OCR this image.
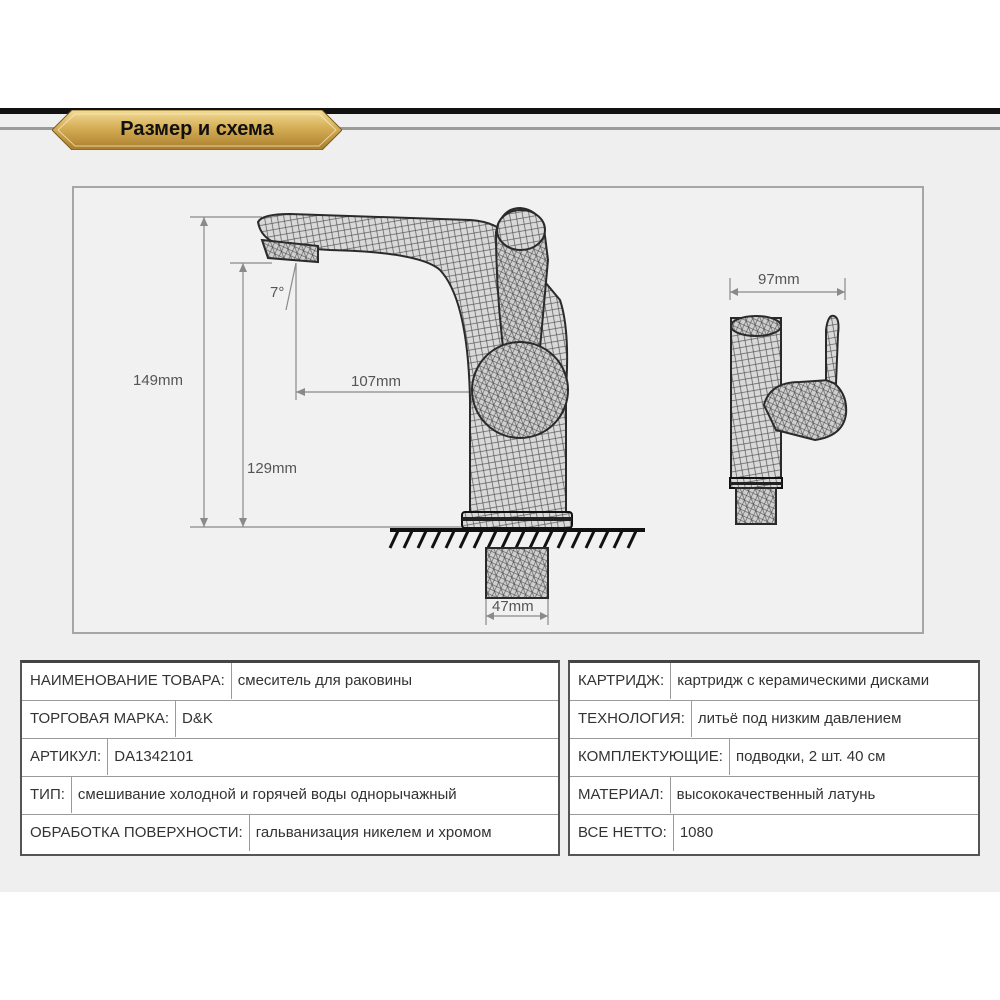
Размер и схема
149mm
129mm
107mm
7°
47mm
97mm
НАИМЕНОВАНИЕ ТОВАРА: смеситель для раковины
ТОРГОВАЯ МАРКА: D&K
АРТИКУЛ: DA1342101
ТИП: смешивание холодной и горячей воды однорычажный
ОБРАБОТКА ПОВЕРХНОСТИ: гальванизация никелем и хромом
КАРТРИДЖ: картридж с керамическими дисками
ТЕХНОЛОГИЯ: литьё под низким давлением
КОМПЛЕКТУЮЩИЕ: подводки, 2 шт. 40 см
МАТЕРИАЛ: высококачественный латунь
ВСЕ НЕТТО: 1080
